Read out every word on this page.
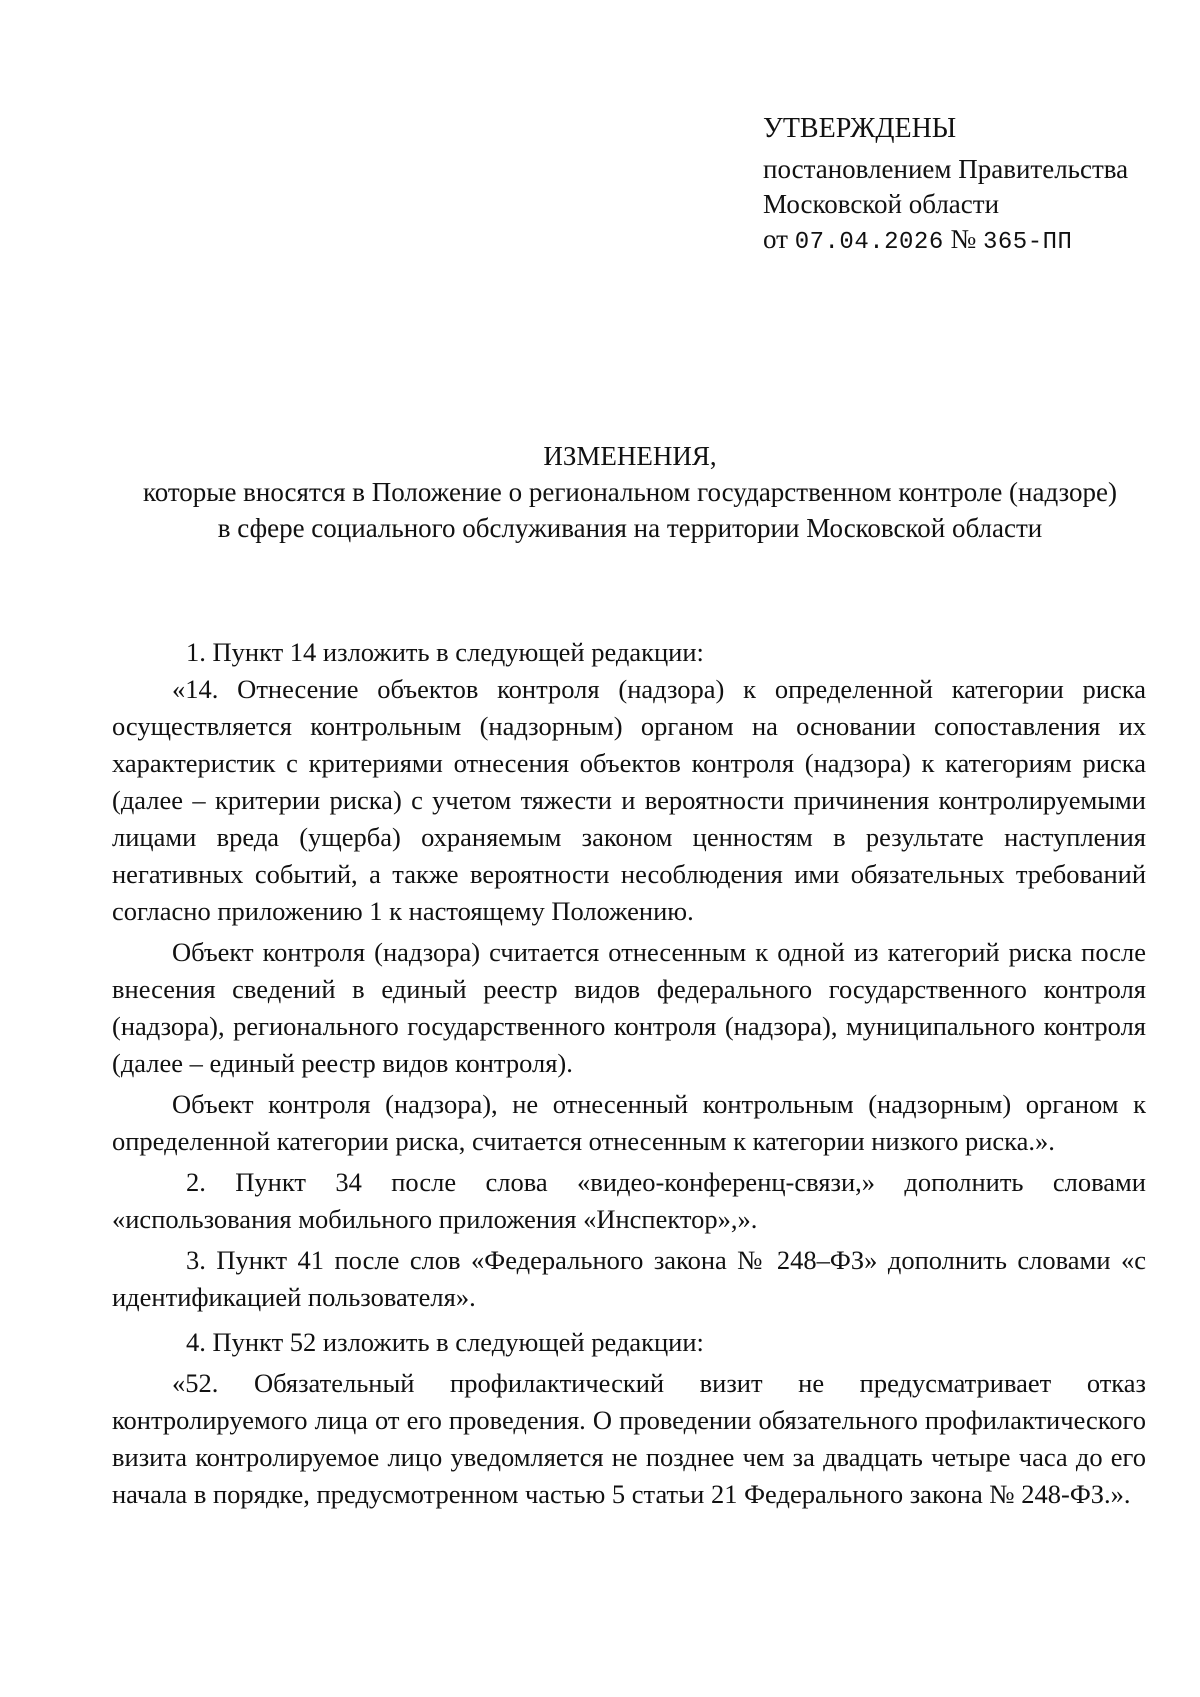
УТВЕРЖДЕНЫ
постановлением Правительства
Московской области
от 07.04.2026 № 365-ПП
ИЗМЕНЕНИЯ,
которые вносятся в Положение о региональном государственном контроле (надзоре)
в сфере социального обслуживания на территории Московской области

1. Пункт 14 изложить в следующей редакции:

«14. Отнесение объектов контроля (надзора) к определенной категории риска осуществляется контрольным (надзорным) органом на основании сопоставления их характеристик с критериями отнесения объектов контроля (надзора) к категориям риска (далее – критерии риска) с учетом тяжести и вероятности причинения контролируемыми лицами вреда (ущерба) охраняемым законом ценностям в результате наступления негативных событий, а также вероятности несоблюдения ими обязательных требований согласно приложению 1 к настоящему Положению.

Объект контроля (надзора) считается отнесенным к одной из категорий риска после внесения сведений в единый реестр видов федерального государственного контроля (надзора), регионального государственного контроля (надзора), муниципального контроля (далее – единый реестр видов контроля).

Объект контроля (надзора), не отнесенный контрольным (надзорным) органом к определенной категории риска, считается отнесенным к категории низкого риска.».

2. Пункт 34 после слова «видео-конференц-связи,» дополнить словами «использования мобильного приложения «Инспектор»,».

3. Пункт 41 после слов «Федерального закона № 248–ФЗ» дополнить словами «с идентификацией пользователя».

4. Пункт 52 изложить в следующей редакции:

«52. Обязательный профилактический визит не предусматривает отказ контролируемого лица от его проведения. О проведении обязательного профилактического визита контролируемое лицо уведомляется не позднее чем за двадцать четыре часа до его начала в порядке, предусмотренном частью 5 статьи 21 Федерального закона № 248-ФЗ.».
